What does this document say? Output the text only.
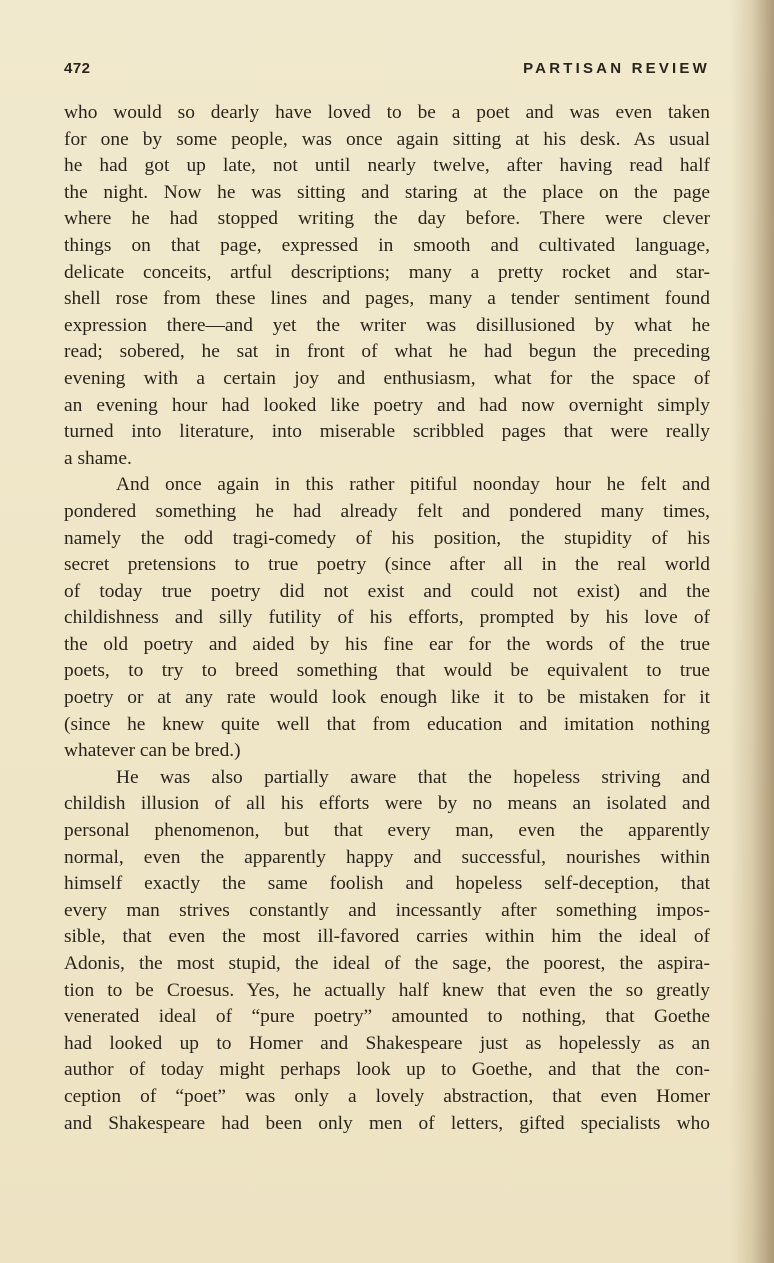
472	PARTISAN REVIEW
who would so dearly have loved to be a poet and was even taken
for one by some people, was once again sitting at his desk. As usual
he had got up late, not until nearly twelve, after having read half
the night. Now he was sitting and staring at the place on the page
where he had stopped writing the day before. There were clever
things on that page, expressed in smooth and cultivated language,
delicate conceits, artful descriptions; many a pretty rocket and star-
shell rose from these lines and pages, many a tender sentiment found
expression there—and yet the writer was disillusioned by what he
read; sobered, he sat in front of what he had begun the preceding
evening with a certain joy and enthusiasm, what for the space of
an evening hour had looked like poetry and had now overnight simply
turned into literature, into miserable scribbled pages that were really
a shame.
And once again in this rather pitiful noonday hour he felt and
pondered something he had already felt and pondered many times,
namely the odd tragi-comedy of his position, the stupidity of his
secret pretensions to true poetry (since after all in the real world
of today true poetry did not exist and could not exist) and the
childishness and silly futility of his efforts, prompted by his love of
the old poetry and aided by his fine ear for the words of the true
poets, to try to breed something that would be equivalent to true
poetry or at any rate would look enough like it to be mistaken for it
(since he knew quite well that from education and imitation nothing
whatever can be bred.)
He was also partially aware that the hopeless striving and
childish illusion of all his efforts were by no means an isolated and
personal phenomenon, but that every man, even the apparently
normal, even the apparently happy and successful, nourishes within
himself exactly the same foolish and hopeless self-deception, that
every man strives constantly and incessantly after something impos-
sible, that even the most ill-favored carries within him the ideal of
Adonis, the most stupid, the ideal of the sage, the poorest, the aspira-
tion to be Croesus. Yes, he actually half knew that even the so greatly
venerated ideal of “pure poetry” amounted to nothing, that Goethe
had looked up to Homer and Shakespeare just as hopelessly as an
author of today might perhaps look up to Goethe, and that the con-
ception of “poet” was only a lovely abstraction, that even Homer
and Shakespeare had been only men of letters, gifted specialists who
